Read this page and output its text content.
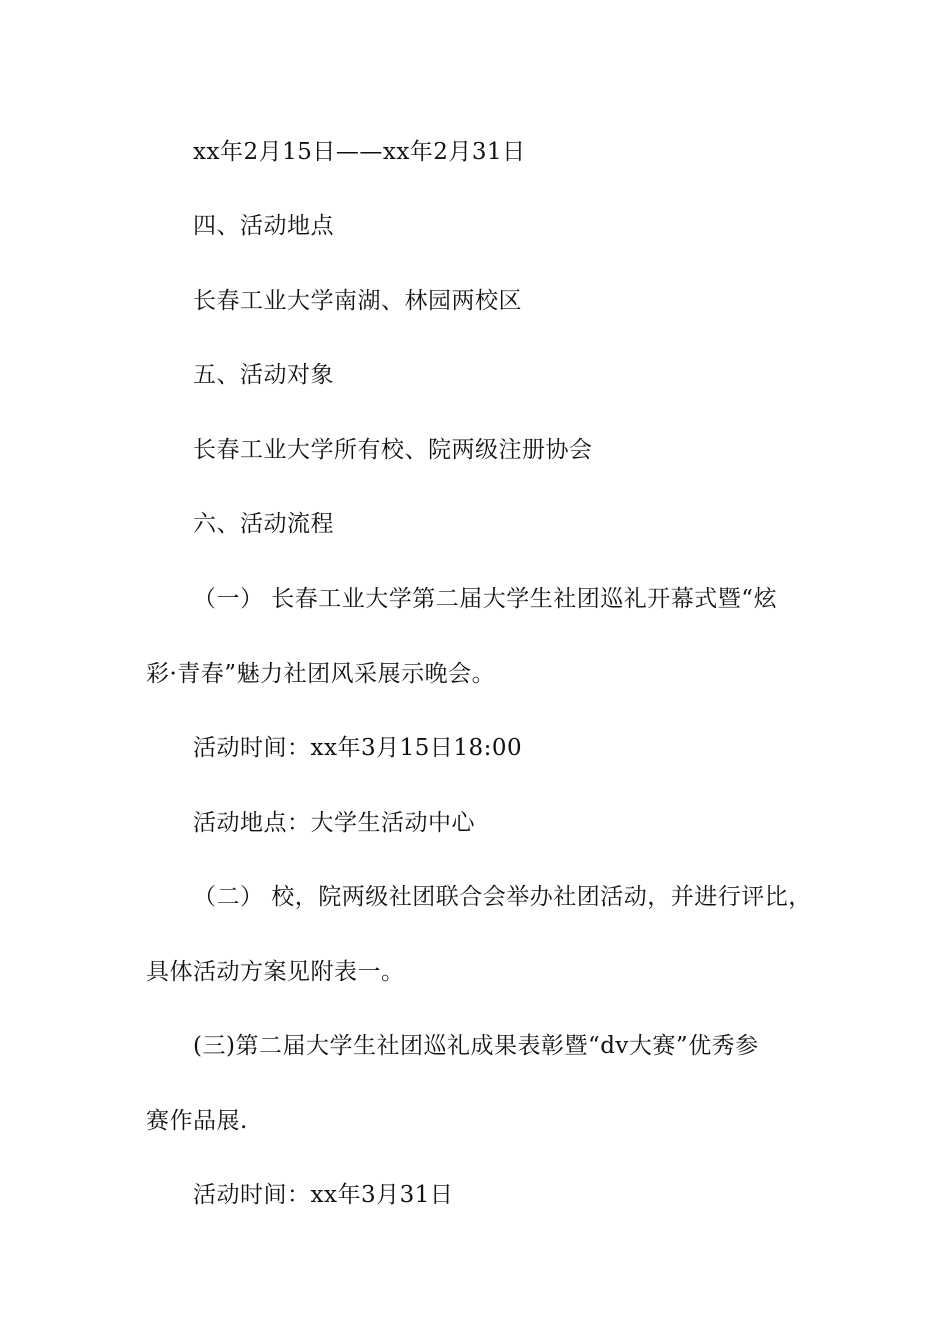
xx年2月15日——xx年2月31日
四、活动地点
长春工业大学南湖、林园两校区
五、活动对象
长春工业大学所有校、院两级注册协会
六、活动流程
（一） 长春工业大学第二届大学生社团巡礼开幕式暨“炫
彩·青春”魅力社团风采展示晚会。
活动时间：xx年3月15日18:00
活动地点：大学生活动中心
（二） 校，院两级社团联合会举办社团活动，并进行评比，
具体活动方案见附表一。
(三)第二届大学生社团巡礼成果表彰暨“dv大赛”优秀参
赛作品展.
活动时间：xx年3月31日
